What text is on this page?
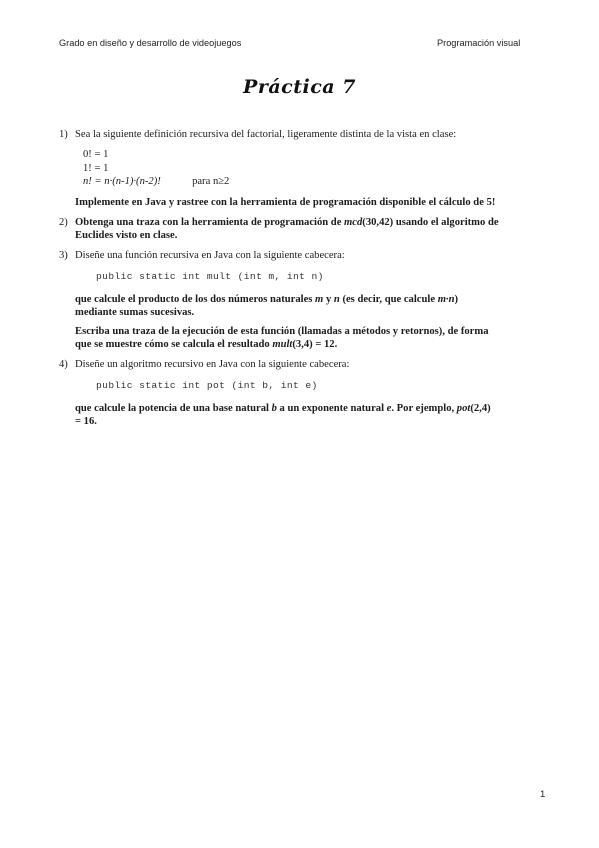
Grado en diseño y desarrollo de videojuegos	Programación visual
Práctica 7
1) Sea la siguiente definición recursiva del factorial, ligeramente distinta de la vista en clase:

0! = 1
1! = 1
n! = n·(n-1)·(n-2)!	para n≥2

Implemente en Java y rastree con la herramienta de programación disponible el cálculo de 5!

2) Obtenga una traza con la herramienta de programación de mcd(30,42) usando el algoritmo de Euclides visto en clase.

3) Diseñe una función recursiva en Java con la siguiente cabecera:

public static int mult (int m, int n)

que calcule el producto de los dos números naturales m y n (es decir, que calcule m·n) mediante sumas sucesivas.

Escriba una traza de la ejecución de esta función (llamadas a métodos y retornos), de forma que se muestre cómo se calcula el resultado mult(3,4) = 12.

4) Diseñe un algoritmo recursivo en Java con la siguiente cabecera:

public static int pot (int b, int e)

que calcule la potencia de una base natural b a un exponente natural e. Por ejemplo, pot(2,4) = 16.

1
